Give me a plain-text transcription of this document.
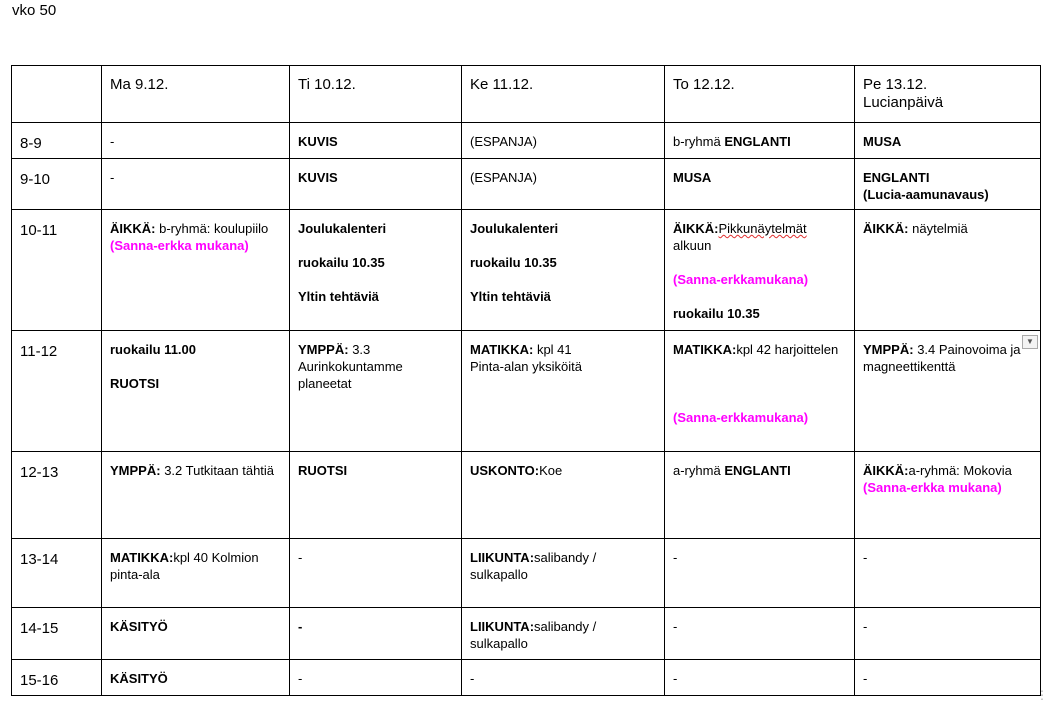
vko 50
	Ma 9.12.	Ti 10.12.	Ke 11.12.	To 12.12.	Pe 13.12.
Lucianpäivä

8-9	-	KUVIS	(ESPANJA)	b-ryhmä ENGLANTI	MUSA
9-10	-	KUVIS	(ESPANJA)	MUSA	ENGLANTI
(Lucia-aamunavaus)

10-11	ÄIKKÄ: b-ryhmä: koulupiilo
(Sanna-erkka mukana)	Joulukalenteri
ruokailu 10.35
Yltin tehtäviä	Joulukalenteri
ruokailu 10.35
Yltin tehtäviä	ÄIKKÄ:Pikkunäytelmät
alkuun
(Sanna-erkkamukana)
ruokailu 10.35	ÄIKKÄ: näytelmiä
11-12	ruokailu 11.00
RUOTSI	YMPPÄ: 3.3 Aurinkokuntamme planeetat	MATIKKA: kpl 41
Pinta-alan yksiköitä	MATIKKA:kpl 42 harjoittelen
(Sanna-erkkamukana)	▼
YMPPÄ: 3.4 Painovoima ja magneettikenttä
12-13	YMPPÄ: 3.2 Tutkitaan tähtiä	RUOTSI	USKONTO:Koe	a-ryhmä ENGLANTI	ÄIKKÄ:a-ryhmä: Mokovia
(Sanna-erkka mukana)

13-14	MATIKKA:kpl 40 Kolmion pinta-ala	-	LIIKUNTA:salibandy / sulkapallo	-	-
14-15	KÄSITYÖ	-	LIIKUNTA:salibandy / sulkapallo	-	-
15-16	KÄSITYÖ	-	-	-	-
⋮
